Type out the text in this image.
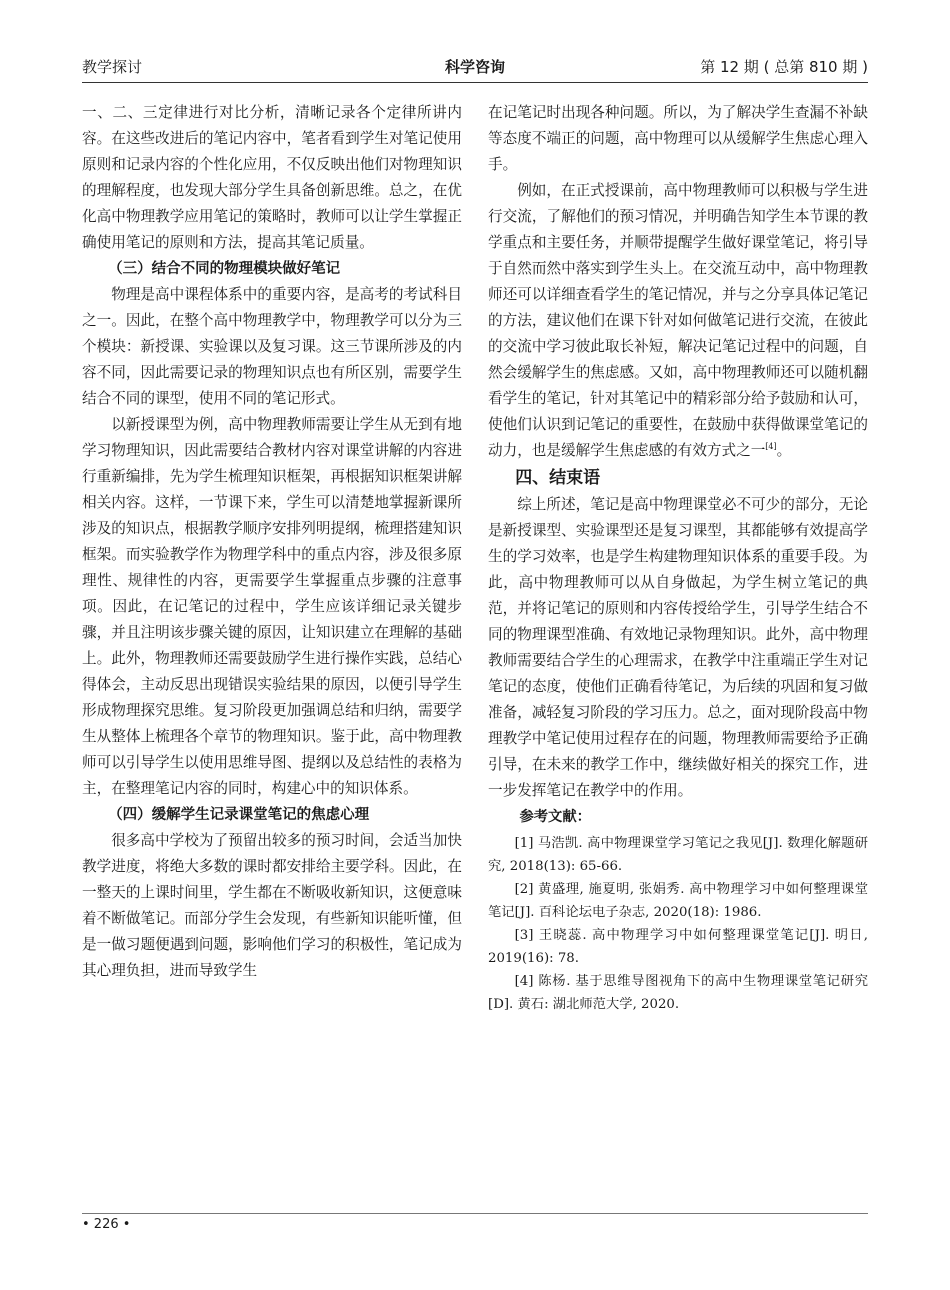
教学探讨	科学咨询	第 12 期 ( 总第 810 期 )

一、二、三定律进行对比分析，清晰记录各个定律所讲内容。在这些改进后的笔记内容中，笔者看到学生对笔记使用原则和记录内容的个性化应用，不仅反映出他们对物理知识的理解程度，也发现大部分学生具备创新思维。总之，在优化高中物理教学应用笔记的策略时，教师可以让学生掌握正确使用笔记的原则和方法，提高其笔记质量。

（三）结合不同的物理模块做好笔记

物理是高中课程体系中的重要内容，是高考的考试科目之一。因此，在整个高中物理教学中，物理教学可以分为三个模块：新授课、实验课以及复习课。这三节课所涉及的内容不同，因此需要记录的物理知识点也有所区别，需要学生结合不同的课型，使用不同的笔记形式。

以新授课型为例，高中物理教师需要让学生从无到有地学习物理知识，因此需要结合教材内容对课堂讲解的内容进行重新编排，先为学生梳理知识框架，再根据知识框架讲解相关内容。这样，一节课下来，学生可以清楚地掌握新课所涉及的知识点，根据教学顺序安排列明提纲，梳理搭建知识框架。而实验教学作为物理学科中的重点内容，涉及很多原理性、规律性的内容，更需要学生掌握重点步骤的注意事项。因此，在记笔记的过程中，学生应该详细记录关键步骤，并且注明该步骤关键的原因，让知识建立在理解的基础上。此外，物理教师还需要鼓励学生进行操作实践，总结心得体会，主动反思出现错误实验结果的原因，以便引导学生形成物理探究思维。复习阶段更加强调总结和归纳，需要学生从整体上梳理各个章节的物理知识。鉴于此，高中物理教师可以引导学生以使用思维导图、提纲以及总结性的表格为主，在整理笔记内容的同时，构建心中的知识体系。

（四）缓解学生记录课堂笔记的焦虑心理

很多高中学校为了预留出较多的预习时间，会适当加快教学进度，将绝大多数的课时都安排给主要学科。因此，在一整天的上课时间里，学生都在不断吸收新知识，这便意味着不断做笔记。而部分学生会发现，有些新知识能听懂，但是一做习题便遇到问题，影响他们学习的积极性，笔记成为其心理负担，进而导致学生

在记笔记时出现各种问题。所以，为了解决学生查漏不补缺等态度不端正的问题，高中物理可以从缓解学生焦虑心理入手。

例如，在正式授课前，高中物理教师可以积极与学生进行交流，了解他们的预习情况，并明确告知学生本节课的教学重点和主要任务，并顺带提醒学生做好课堂笔记，将引导于自然而然中落实到学生头上。在交流互动中，高中物理教师还可以详细查看学生的笔记情况，并与之分享具体记笔记的方法，建议他们在课下针对如何做笔记进行交流，在彼此的交流中学习彼此取长补短，解决记笔记过程中的问题，自然会缓解学生的焦虑感。又如，高中物理教师还可以随机翻看学生的笔记，针对其笔记中的精彩部分给予鼓励和认可，使他们认识到记笔记的重要性，在鼓励中获得做课堂笔记的动力，也是缓解学生焦虑感的有效方式之一[4]。

四、结束语

综上所述，笔记是高中物理课堂必不可少的部分，无论是新授课型、实验课型还是复习课型，其都能够有效提高学生的学习效率，也是学生构建物理知识体系的重要手段。为此，高中物理教师可以从自身做起，为学生树立笔记的典范，并将记笔记的原则和内容传授给学生，引导学生结合不同的物理课型准确、有效地记录物理知识。此外，高中物理教师需要结合学生的心理需求，在教学中注重端正学生对记笔记的态度，使他们正确看待笔记，为后续的巩固和复习做准备，减轻复习阶段的学习压力。总之，面对现阶段高中物理教学中笔记使用过程存在的问题，物理教师需要给予正确引导，在未来的教学工作中，继续做好相关的探究工作，进一步发挥笔记在教学中的作用。

参考文献：

[1] 马浩凯. 高中物理课堂学习笔记之我见[J]. 数理化解题研究, 2018(13): 65-66.

[2] 黄盛理, 施夏明, 张娟秀. 高中物理学习中如何整理课堂笔记[J]. 百科论坛电子杂志, 2020(18): 1986.

[3] 王晓蕊. 高中物理学习中如何整理课堂笔记[J]. 明日, 2019(16): 78.

[4] 陈杨. 基于思维导图视角下的高中生物理课堂笔记研究[D]. 黄石: 湖北师范大学, 2020.

• 226 •
